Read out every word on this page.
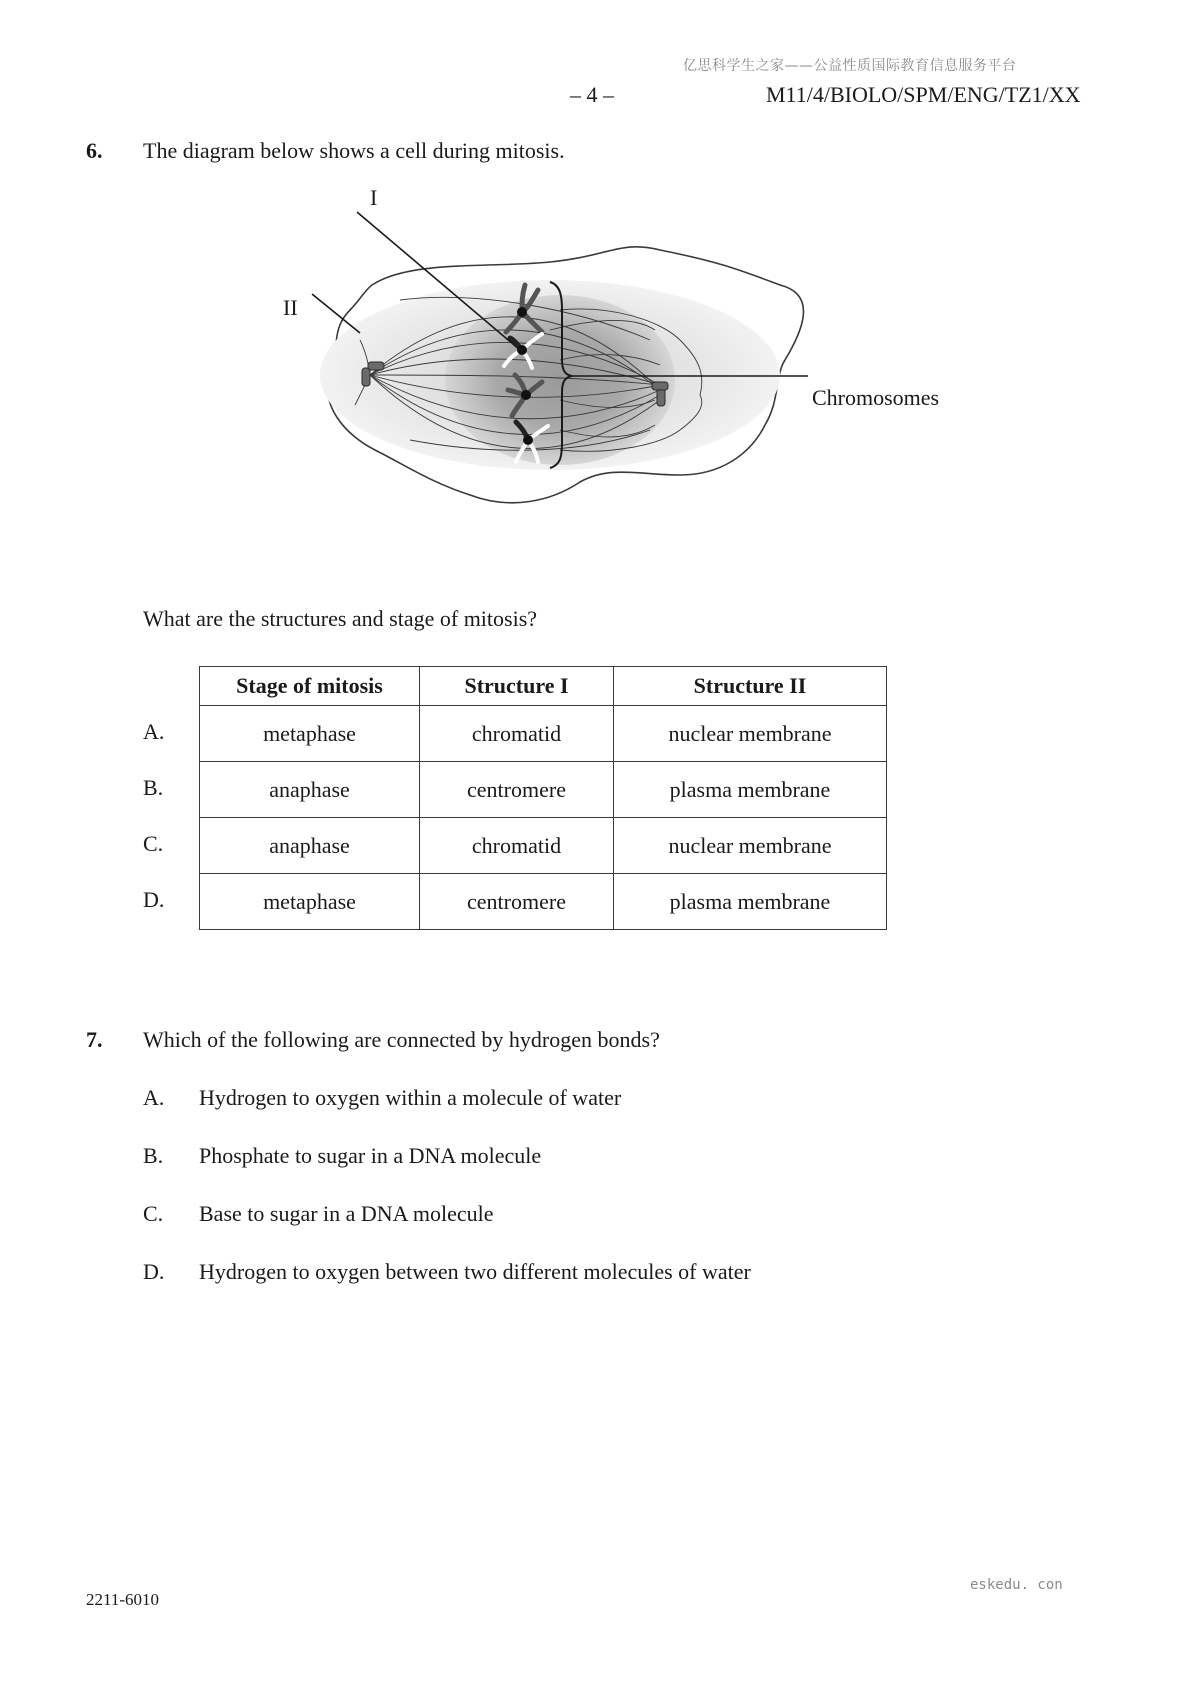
亿思科学生之家——公益性质国际教育信息服务平台
– 4 –	M11/4/BIOLO/SPM/ENG/TZ1/XX
6. The diagram below shows a cell during mitosis.
I
II
Chromosomes
What are the structures and stage of mitosis?
Stage of mitosis	Structure I	Structure II
metaphase	chromatid	nuclear membrane
anaphase	centromere	plasma membrane
anaphase	chromatid	nuclear membrane
metaphase	centromere	plasma membrane
A.
B.
C.
D.
7. Which of the following are connected by hydrogen bonds?
A. Hydrogen to oxygen within a molecule of water
B. Phosphate to sugar in a DNA molecule
C. Base to sugar in a DNA molecule
D. Hydrogen to oxygen between two different molecules of water
2211-6010
eskedu. con
